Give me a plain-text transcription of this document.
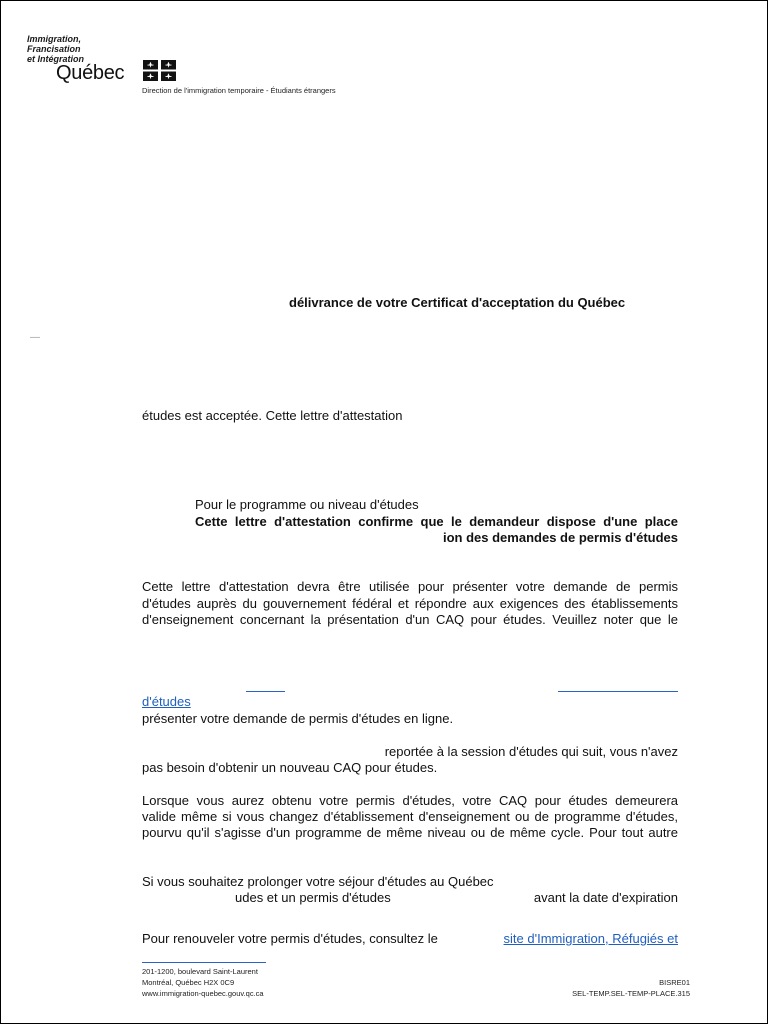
Immigration,
Francisation
et Intégration
Québec
Direction de l'immigration temporaire - Étudiants étrangers
délivrance de votre Certificat d'acceptation du Québec
—
études est acceptée. Cette lettre d'attestation
Pour le programme ou niveau d'études
Cette lettre d'attestation confirme que le demandeur dispose d'une place
ion des demandes de permis d'études
Cette lettre d'attestation devra être utilisée pour présenter votre demande de permis
d'études auprès du gouvernement fédéral et répondre aux exigences des établissements
d'enseignement concernant la présentation d'un CAQ pour études. Veuillez noter que le
d'études
présenter votre demande de permis d'études en ligne.
reportée à la session d'études qui suit, vous n'avez
pas besoin d'obtenir un nouveau CAQ pour études.
Lorsque vous aurez obtenu votre permis d'études, votre CAQ pour études demeurera
valide même si vous changez d'établissement d'enseignement ou de programme d'études,
pourvu qu'il s'agisse d'un programme de même niveau ou de même cycle. Pour tout autre
Si vous souhaitez prolonger votre séjour d'études au Québec
udes et un permis d'études	avant la date d'expiration
Pour renouveler votre permis d'études, consultez le	site d'Immigration, Réfugiés et
201-1200, boulevard Saint-Laurent
Montréal, Québec H2X 0C9
www.immigration-quebec.gouv.qc.ca
BISRE01
SEL-TEMP.SEL-TEMP-PLACE.315
